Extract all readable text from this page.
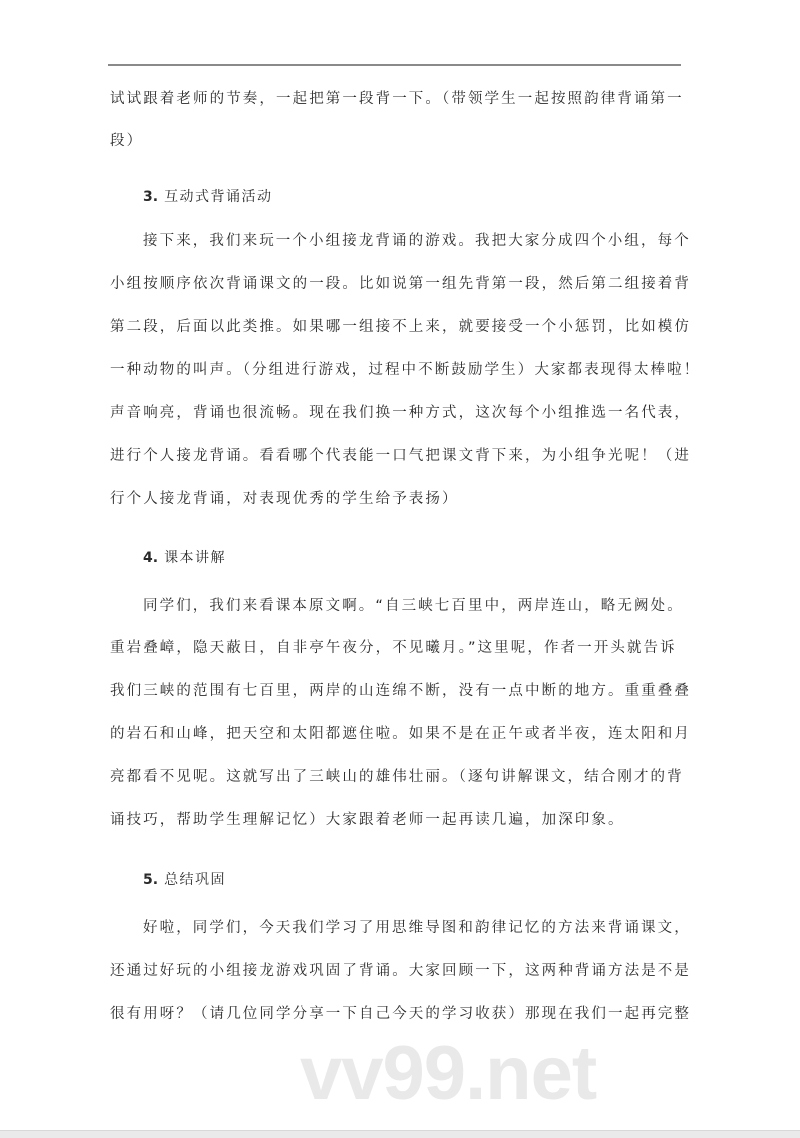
vv99.net
试试跟着老师的节奏，一起把第一段背一下。（带领学生一起按照韵律背诵第一
段）
3. 互动式背诵活动
接下来，我们来玩一个小组接龙背诵的游戏。我把大家分成四个小组，每个
小组按顺序依次背诵课文的一段。比如说第一组先背第一段，然后第二组接着背
第二段，后面以此类推。如果哪一组接不上来，就要接受一个小惩罚，比如模仿
一种动物的叫声。（分组进行游戏，过程中不断鼓励学生）大家都表现得太棒啦！
声音响亮，背诵也很流畅。现在我们换一种方式，这次每个小组推选一名代表，
进行个人接龙背诵。看看哪个代表能一口气把课文背下来，为小组争光呢！（进
行个人接龙背诵，对表现优秀的学生给予表扬）
4. 课本讲解
同学们，我们来看课本原文啊。“自三峡七百里中，两岸连山，略无阙处。
重岩叠嶂，隐天蔽日，自非亭午夜分，不见曦月。”这里呢，作者一开头就告诉
我们三峡的范围有七百里，两岸的山连绵不断，没有一点中断的地方。重重叠叠
的岩石和山峰，把天空和太阳都遮住啦。如果不是在正午或者半夜，连太阳和月
亮都看不见呢。这就写出了三峡山的雄伟壮丽。（逐句讲解课文，结合刚才的背
诵技巧，帮助学生理解记忆）大家跟着老师一起再读几遍，加深印象。
5. 总结巩固
好啦，同学们，今天我们学习了用思维导图和韵律记忆的方法来背诵课文，
还通过好玩的小组接龙游戏巩固了背诵。大家回顾一下，这两种背诵方法是不是
很有用呀？（请几位同学分享一下自己今天的学习收获）那现在我们一起再完整
